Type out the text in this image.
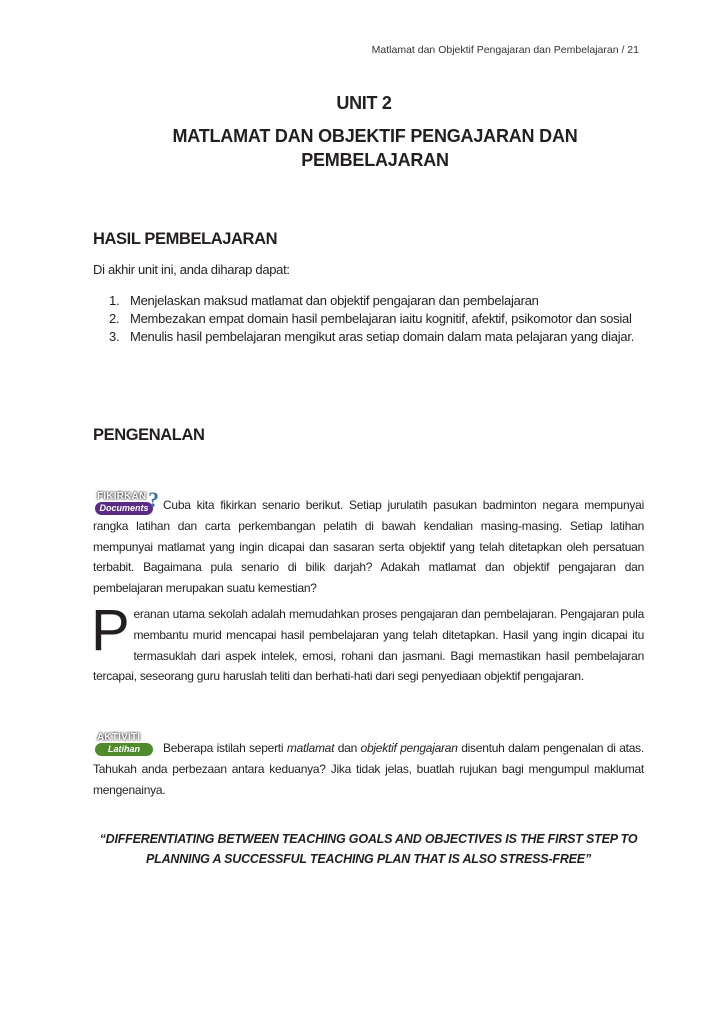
Matlamat dan Objektif Pengajaran dan Pembelajaran / 21
UNIT 2
MATLAMAT DAN OBJEKTIF PENGAJARAN DAN
PEMBELAJARAN
HASIL PEMBELAJARAN
Di akhir unit ini, anda diharap dapat:
1. Menjelaskan maksud matlamat dan objektif pengajaran dan pembelajaran
2. Membezakan empat domain hasil pembelajaran iaitu kognitif, afektif, psikomotor dan sosial
3. Menulis hasil pembelajaran mengikut aras setiap domain dalam mata pelajaran yang diajar.
PENGENALAN
FIKIRKAN
Documents ? Cuba kita fikirkan senario berikut. Setiap jurulatih pasukan badminton negara mempunyai rangka latihan dan carta perkembangan pelatih di bawah kendalian masing-masing. Setiap latihan mempunyai matlamat yang ingin dicapai dan sasaran serta objektif yang telah ditetapkan oleh persatuan terbabit. Bagaimana pula senario di bilik darjah? Adakah matlamat dan objektif pengajaran dan pembelajaran merupakan suatu kemestian?
Peranan utama sekolah adalah memudahkan proses pengajaran dan pembelajaran. Pengajaran pula membantu murid mencapai hasil pembelajaran yang telah ditetapkan. Hasil yang ingin dicapai itu termasuklah dari aspek intelek, emosi, rohani dan jasmani. Bagi memastikan hasil pembelajaran tercapai, seseorang guru haruslah teliti dan berhati-hati dari segi penyediaan objektif pengajaran.
AKTIVITI
Latihan	Beberapa istilah seperti matlamat dan objektif pengajaran disentuh dalam pengenalan di atas. Tahukah anda perbezaan antara keduanya? Jika tidak jelas, buatlah rujukan bagi mengumpul maklumat mengenainya.
“DIFFERENTIATING BETWEEN TEACHING GOALS AND OBJECTIVES IS THE FIRST STEP TO PLANNING A SUCCESSFUL TEACHING PLAN THAT IS ALSO STRESS-FREE”
